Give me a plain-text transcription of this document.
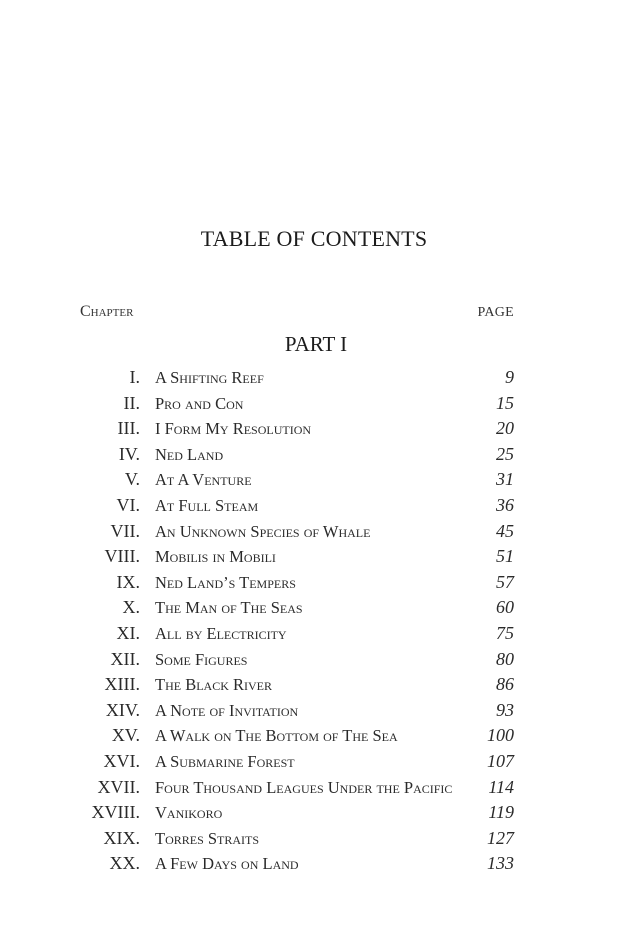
TABLE OF CONTENTS
Chapter	PAGE
PART I
I. A Shifting Reef	9
II. Pro and Con	15
III. I Form My Resolution	20
IV. Ned Land	25
V. At A Venture	31
VI. At Full Steam	36
VII. An Unknown Species of Whale	45
VIII. Mobilis in Mobili	51
IX. Ned Land’s Tempers	57
X. The Man of The Seas	60
XI. All by Electricity	75
XII. Some Figures	80
XIII. The Black River	86
XIV. A Note of Invitation	93
XV. A Walk on The Bottom of The Sea	100
XVI. A Submarine Forest	107
XVII. Four Thousand Leagues Under the Pacific	114
XVIII. Vanikoro	119
XIX. Torres Straits	127
XX. A Few Days on Land	133
